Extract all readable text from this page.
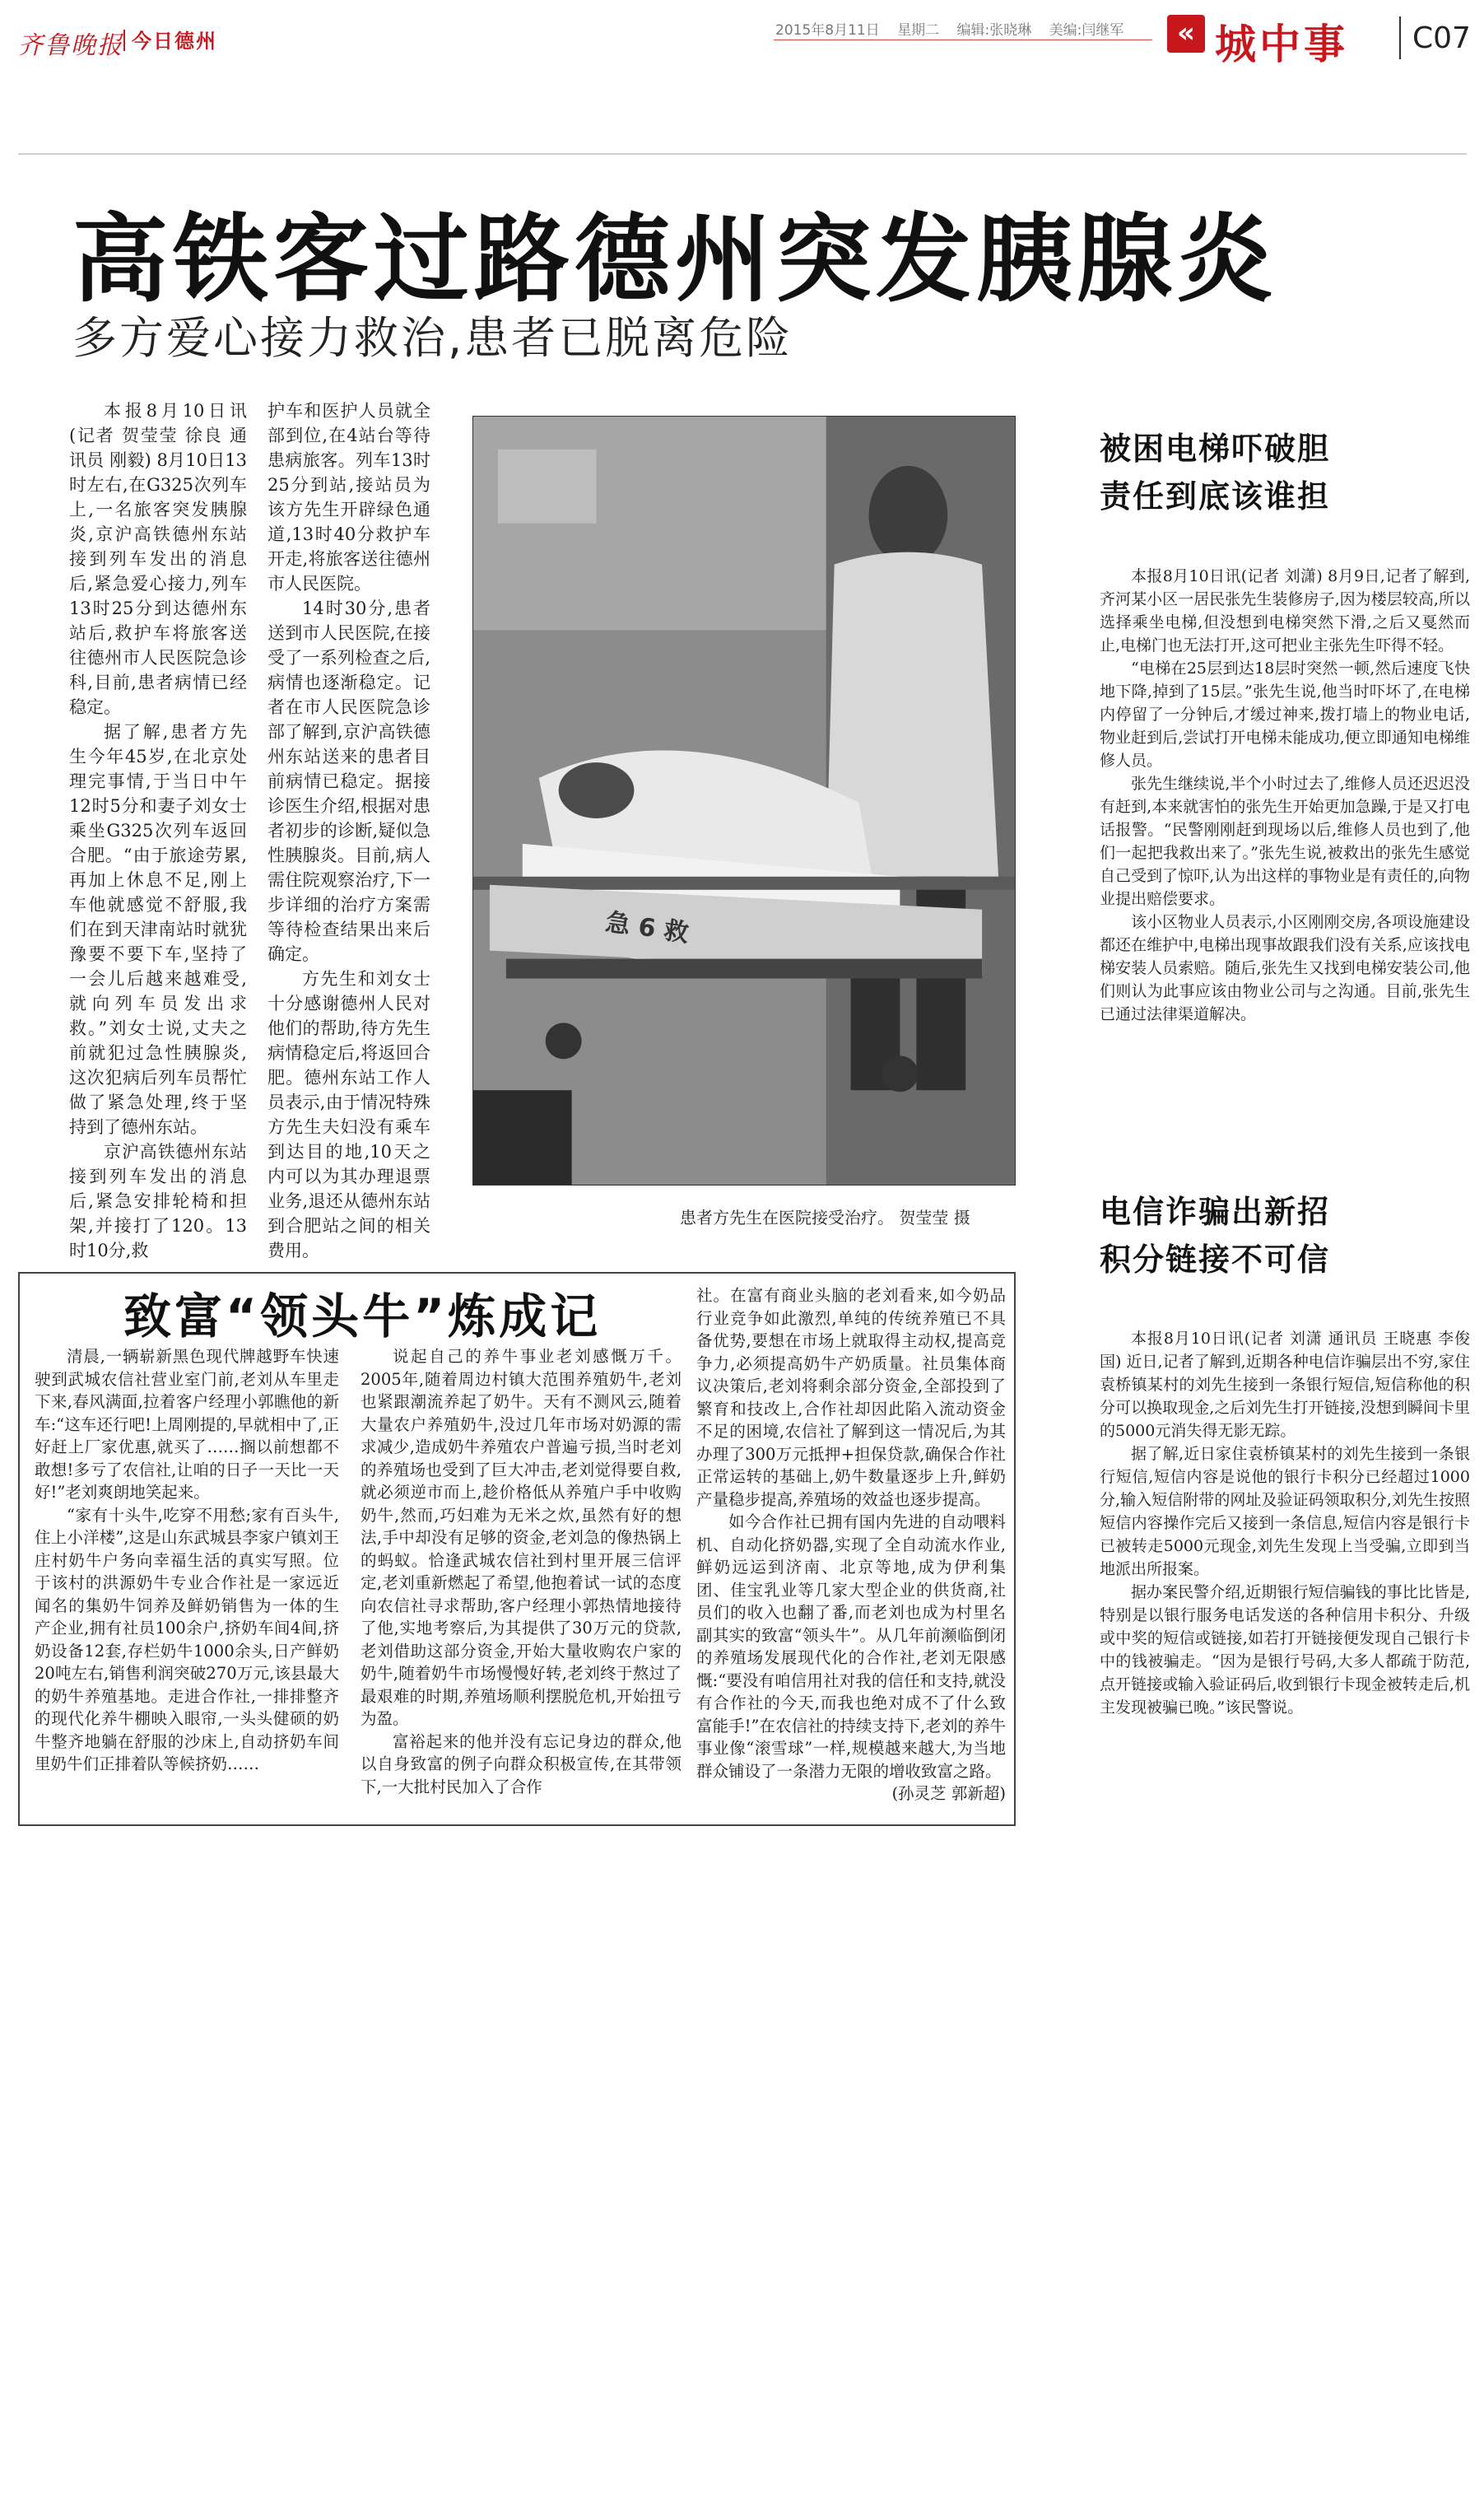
齐鲁晚报 今日德州	2015年8月11日 星期二 编辑:张晓琳 美编:闫继军	« 城中事 C07
高铁客过路德州突发胰腺炎
多方爱心接力救治,患者已脱离危险

本报8月10日讯(记者 贺莹莹 徐良 通讯员 刚毅) 8月10日13时左右,在G325次列车上,一名旅客突发胰腺炎,京沪高铁德州东站接到列车发出的消息后,紧急爱心接力,列车13时25分到达德州东站后,救护车将旅客送往德州市人民医院急诊科,目前,患者病情已经稳定。

据了解,患者方先生今年45岁,在北京处理完事情,于当日中午12时5分和妻子刘女士乘坐G325次列车返回合肥。“由于旅途劳累,再加上休息不足,刚上车他就感觉不舒服,我们在到天津南站时就犹豫要不要下车,坚持了一会儿后越来越难受,就向列车员发出求救。”刘女士说,丈夫之前就犯过急性胰腺炎,这次犯病后列车员帮忙做了紧急处理,终于坚持到了德州东站。

京沪高铁德州东站接到列车发出的消息后,紧急安排轮椅和担架,并接打了120。13时10分,救

护车和医护人员就全部到位,在4站台等待患病旅客。列车13时25分到站,接站员为该方先生开辟绿色通道,13时40分救护车开走,将旅客送往德州市人民医院。

14时30分,患者送到市人民医院,在接受了一系列检查之后,病情也逐渐稳定。记者在市人民医院急诊部了解到,京沪高铁德州东站送来的患者目前病情已稳定。据接诊医生介绍,根据对患者初步的诊断,疑似急性胰腺炎。目前,病人需住院观察治疗,下一步详细的治疗方案需等待检查结果出来后确定。

方先生和刘女士十分感谢德州人民对他们的帮助,待方先生病情稳定后,将返回合肥。德州东站工作人员表示,由于情况特殊方先生夫妇没有乘车到达目的地,10天之内可以为其办理退票业务,退还从德州东站到合肥站之间的相关费用。

急 6 救
患者方先生在医院接受治疗。 贺莹莹 摄
被困电梯吓破胆
责任到底该谁担

本报8月10日讯(记者 刘潇) 8月9日,记者了解到,齐河某小区一居民张先生装修房子,因为楼层较高,所以选择乘坐电梯,但没想到电梯突然下滑,之后又戛然而止,电梯门也无法打开,这可把业主张先生吓得不轻。

“电梯在25层到达18层时突然一顿,然后速度飞快地下降,掉到了15层。”张先生说,他当时吓坏了,在电梯内停留了一分钟后,才缓过神来,拨打墙上的物业电话,物业赶到后,尝试打开电梯未能成功,便立即通知电梯维修人员。

张先生继续说,半个小时过去了,维修人员还迟迟没有赶到,本来就害怕的张先生开始更加急躁,于是又打电话报警。“民警刚刚赶到现场以后,维修人员也到了,他们一起把我救出来了。”张先生说,被救出的张先生感觉自己受到了惊吓,认为出这样的事物业是有责任的,向物业提出赔偿要求。

该小区物业人员表示,小区刚刚交房,各项设施建设都还在维护中,电梯出现事故跟我们没有关系,应该找电梯安装人员索赔。随后,张先生又找到电梯安装公司,他们则认为此事应该由物业公司与之沟通。目前,张先生已通过法律渠道解决。

电信诈骗出新招
积分链接不可信

本报8月10日讯(记者 刘潇 通讯员 王晓惠 李俊国) 近日,记者了解到,近期各种电信诈骗层出不穷,家住袁桥镇某村的刘先生接到一条银行短信,短信称他的积分可以换取现金,之后刘先生打开链接,没想到瞬间卡里的5000元消失得无影无踪。

据了解,近日家住袁桥镇某村的刘先生接到一条银行短信,短信内容是说他的银行卡积分已经超过1000分,输入短信附带的网址及验证码领取积分,刘先生按照短信内容操作完后又接到一条信息,短信内容是银行卡已被转走5000元现金,刘先生发现上当受骗,立即到当地派出所报案。

据办案民警介绍,近期银行短信骗钱的事比比皆是,特别是以银行服务电话发送的各种信用卡积分、升级或中奖的短信或链接,如若打开链接便发现自己银行卡中的钱被骗走。“因为是银行号码,大多人都疏于防范,点开链接或输入验证码后,收到银行卡现金被转走后,机主发现被骗已晚。”该民警说。

致富“领头牛”炼成记

清晨,一辆崭新黑色现代牌越野车快速驶到武城农信社营业室门前,老刘从车里走下来,春风满面,拉着客户经理小郭瞧他的新车:“这车还行吧!上周刚提的,早就相中了,正好赶上厂家优惠,就买了……搁以前想都不敢想!多亏了农信社,让咱的日子一天比一天好!”老刘爽朗地笑起来。

“家有十头牛,吃穿不用愁;家有百头牛,住上小洋楼”,这是山东武城县李家户镇刘王庄村奶牛户务向幸福生活的真实写照。位于该村的洪源奶牛专业合作社是一家远近闻名的集奶牛饲养及鲜奶销售为一体的生产企业,拥有社员100余户,挤奶车间4间,挤奶设备12套,存栏奶牛1000余头,日产鲜奶20吨左右,销售利润突破270万元,该县最大的奶牛养殖基地。走进合作社,一排排整齐的现代化养牛棚映入眼帘,一头头健硕的奶牛整齐地躺在舒服的沙床上,自动挤奶车间里奶牛们正排着队等候挤奶……

说起自己的养牛事业老刘感慨万千。2005年,随着周边村镇大范围养殖奶牛,老刘也紧跟潮流养起了奶牛。天有不测风云,随着大量农户养殖奶牛,没过几年市场对奶源的需求减少,造成奶牛养殖农户普遍亏损,当时老刘的养殖场也受到了巨大冲击,老刘觉得要自救,就必须逆市而上,趁价格低从养殖户手中收购奶牛,然而,巧妇难为无米之炊,虽然有好的想法,手中却没有足够的资金,老刘急的像热锅上的蚂蚁。恰逢武城农信社到村里开展三信评定,老刘重新燃起了希望,他抱着试一试的态度向农信社寻求帮助,客户经理小郭热情地接待了他,实地考察后,为其提供了30万元的贷款,老刘借助这部分资金,开始大量收购农户家的奶牛,随着奶牛市场慢慢好转,老刘终于熬过了最艰难的时期,养殖场顺利摆脱危机,开始扭亏为盈。

富裕起来的他并没有忘记身边的群众,他以自身致富的例子向群众积极宣传,在其带领下,一大批村民加入了合作

社。在富有商业头脑的老刘看来,如今奶品行业竞争如此激烈,单纯的传统养殖已不具备优势,要想在市场上就取得主动权,提高竞争力,必须提高奶牛产奶质量。社员集体商议决策后,老刘将剩余部分资金,全部投到了繁育和技改上,合作社却因此陷入流动资金不足的困境,农信社了解到这一情况后,为其办理了300万元抵押+担保贷款,确保合作社正常运转的基础上,奶牛数量逐步上升,鲜奶产量稳步提高,养殖场的效益也逐步提高。

如今合作社已拥有国内先进的自动喂料机、自动化挤奶器,实现了全自动流水作业,鲜奶远运到济南、北京等地,成为伊利集团、佳宝乳业等几家大型企业的供货商,社员们的收入也翻了番,而老刘也成为村里名副其实的致富“领头牛”。从几年前濒临倒闭的养殖场发展现代化的合作社,老刘无限感慨:“要没有咱信用社对我的信任和支持,就没有合作社的今天,而我也绝对成不了什么致富能手!”在农信社的持续支持下,老刘的养牛事业像“滚雪球”一样,规模越来越大,为当地群众铺设了一条潜力无限的增收致富之路。
(孙灵芝 郭新超)
